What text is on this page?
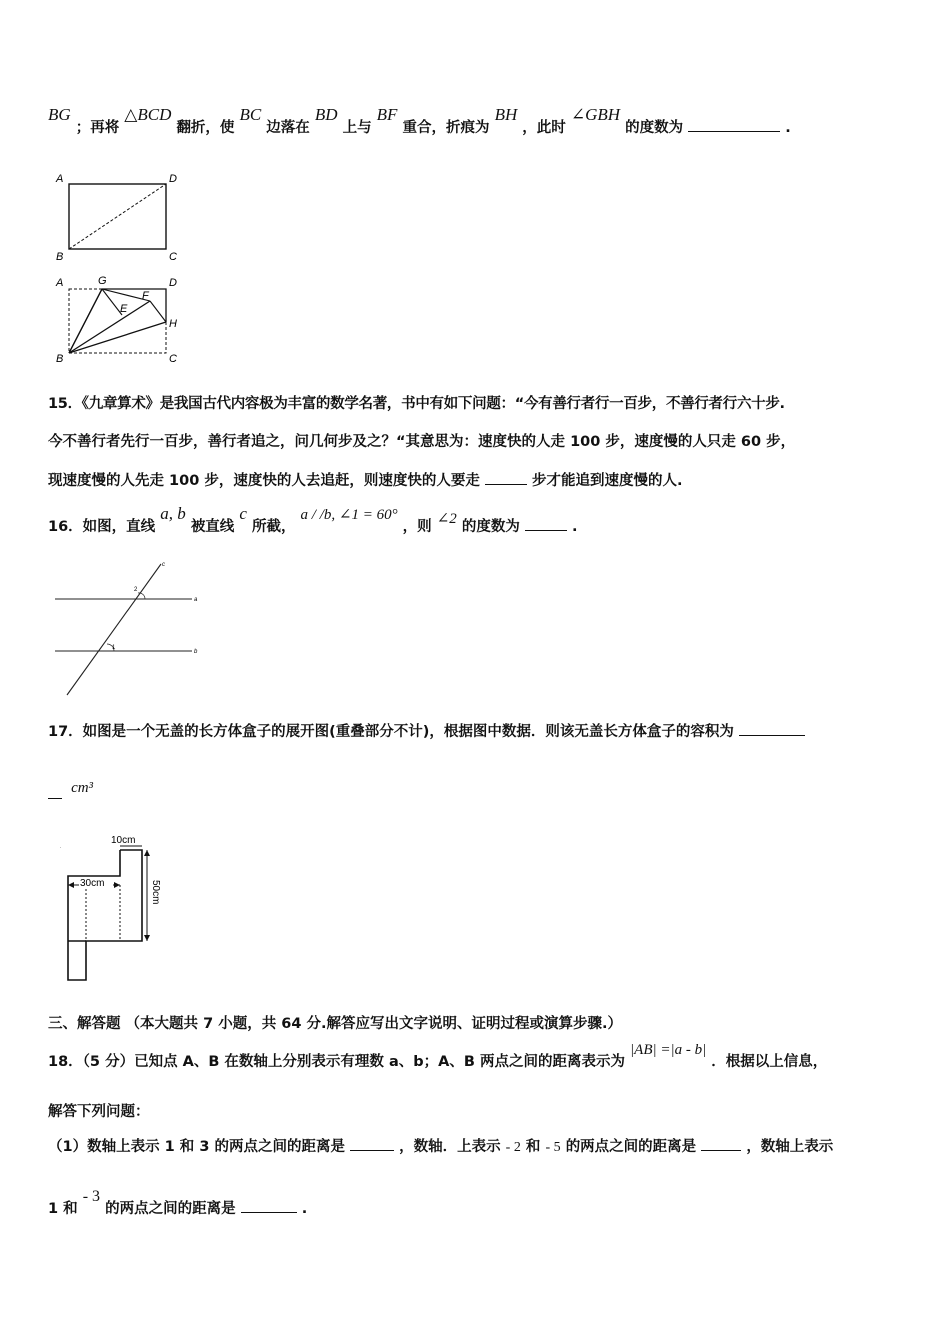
BG ；再将 △BCD 翻折，使 BC 边落在 BD 上与 BF 重合，折痕为 BH ，此时 ∠GBH 的度数为	.
A	D
B	C
A	G	D
E
F
H
B	C
15．《九章算术》是我国古代内容极为丰富的数学名著，书中有如下问题：“今有善行者行一百步，不善行者行六十步.
今不善行者先行一百步，善行者追之，问几何步及之？“其意思为：速度快的人走 100 步，速度慢的人只走 60 步，
现速度慢的人先走 100 步，速度快的人去追赶，则速度快的人要走	步才能追到速度慢的人.
16．如图，直线 a, b 被直线 c 所截， a / /b, ∠1 = 60° ，则 ∠2 的度数为	.
c
a
b
2
1
17．如图是一个无盖的长方体盒子的展开图(重叠部分不计)，根据图中数据．则该无盖长方体盒子的容积为
cm³
·
10cm
30cm	50cm
三、解答题 （本大题共 7 小题，共 64 分.解答应写出文字说明、证明过程或演算步骤.）
18．（5 分）已知点 A、B 在数轴上分别表示有理数 a、b；A、B 两点之间的距离表示为 |AB| =|a - b| ．根据以上信息，
解答下列问题：
（1）数轴上表示 1 和 3 的两点之间的距离是	，数轴．上表示 - 2 和 - 5 的两点之间的距离是	，数轴上表示
1 和 - 3 的两点之间的距离是	.
